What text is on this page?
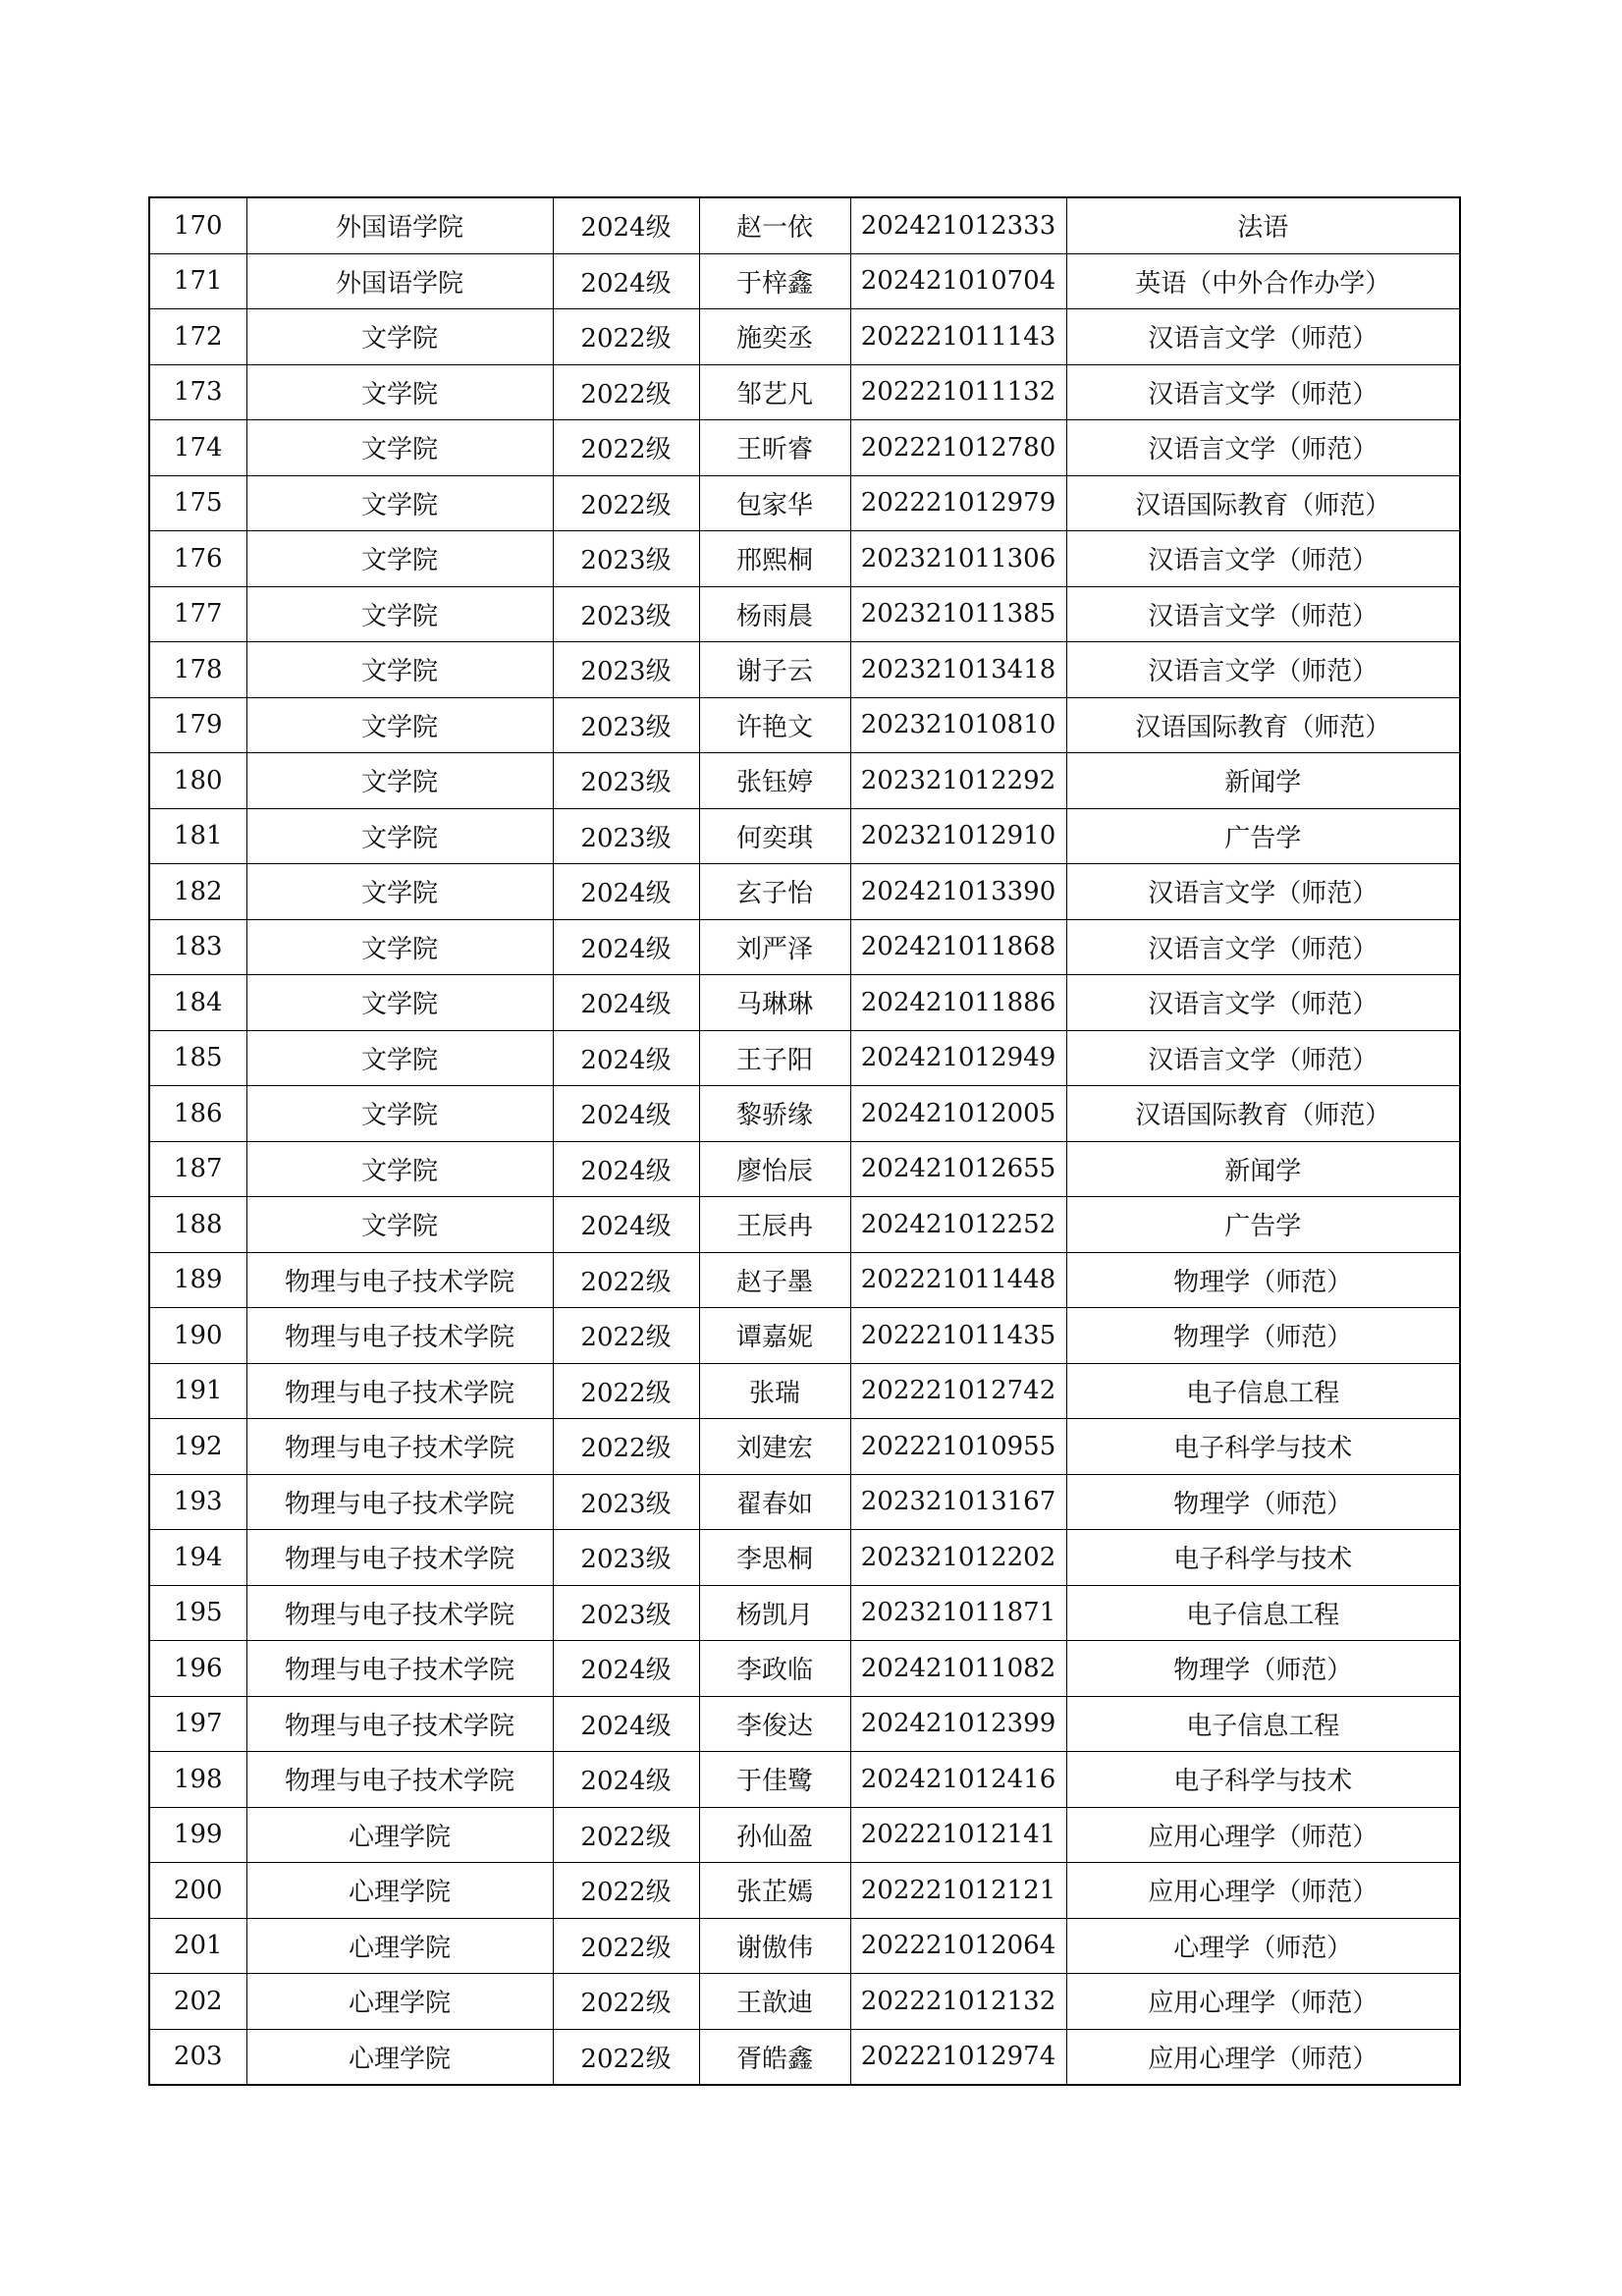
170	外国语学院	2024级	赵一依	202421012333	法语
171	外国语学院	2024级	于梓鑫	202421010704	英语（中外合作办学）
172	文学院	2022级	施奕丞	202221011143	汉语言文学（师范）
173	文学院	2022级	邹艺凡	202221011132	汉语言文学（师范）
174	文学院	2022级	王昕睿	202221012780	汉语言文学（师范）
175	文学院	2022级	包家华	202221012979	汉语国际教育（师范）
176	文学院	2023级	邢熙桐	202321011306	汉语言文学（师范）
177	文学院	2023级	杨雨晨	202321011385	汉语言文学（师范）
178	文学院	2023级	谢子云	202321013418	汉语言文学（师范）
179	文学院	2023级	许艳文	202321010810	汉语国际教育（师范）
180	文学院	2023级	张钰婷	202321012292	新闻学
181	文学院	2023级	何奕琪	202321012910	广告学
182	文学院	2024级	玄子怡	202421013390	汉语言文学（师范）
183	文学院	2024级	刘严泽	202421011868	汉语言文学（师范）
184	文学院	2024级	马琳琳	202421011886	汉语言文学（师范）
185	文学院	2024级	王子阳	202421012949	汉语言文学（师范）
186	文学院	2024级	黎骄缘	202421012005	汉语国际教育（师范）
187	文学院	2024级	廖怡辰	202421012655	新闻学
188	文学院	2024级	王辰冉	202421012252	广告学
189	物理与电子技术学院	2022级	赵子墨	202221011448	物理学（师范）
190	物理与电子技术学院	2022级	谭嘉妮	202221011435	物理学（师范）
191	物理与电子技术学院	2022级	张瑞	202221012742	电子信息工程
192	物理与电子技术学院	2022级	刘建宏	202221010955	电子科学与技术
193	物理与电子技术学院	2023级	翟春如	202321013167	物理学（师范）
194	物理与电子技术学院	2023级	李思桐	202321012202	电子科学与技术
195	物理与电子技术学院	2023级	杨凯月	202321011871	电子信息工程
196	物理与电子技术学院	2024级	李政临	202421011082	物理学（师范）
197	物理与电子技术学院	2024级	李俊达	202421012399	电子信息工程
198	物理与电子技术学院	2024级	于佳鹭	202421012416	电子科学与技术
199	心理学院	2022级	孙仙盈	202221012141	应用心理学（师范）
200	心理学院	2022级	张芷嫣	202221012121	应用心理学（师范）
201	心理学院	2022级	谢傲伟	202221012064	心理学（师范）
202	心理学院	2022级	王歆迪	202221012132	应用心理学（师范）
203	心理学院	2022级	胥皓鑫	202221012974	应用心理学（师范）
